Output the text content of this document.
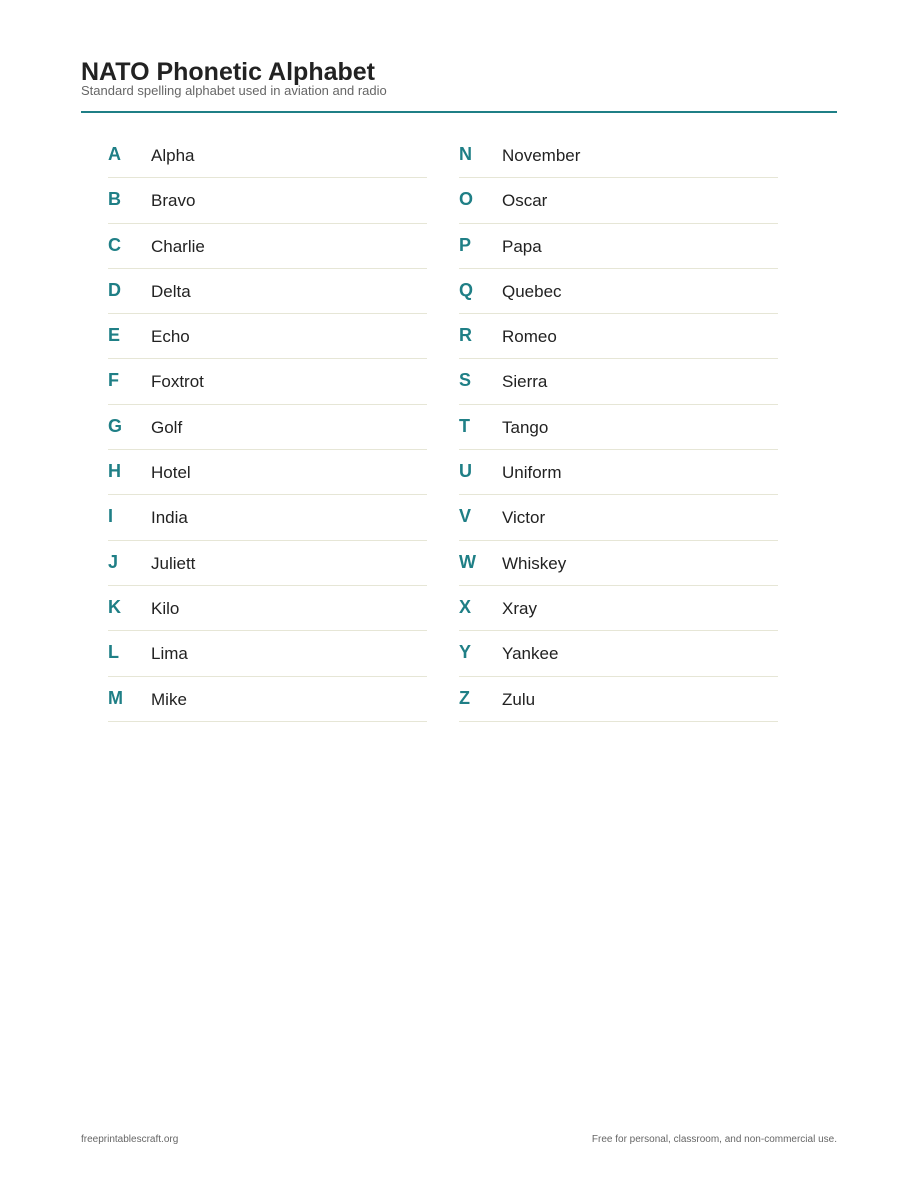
NATO Phonetic Alphabet
Standard spelling alphabet used in aviation and radio
A Alpha
B Bravo
C Charlie
D Delta
E Echo
F Foxtrot
G Golf
H Hotel
I India
J Juliett
K Kilo
L Lima
M Mike
N November
O Oscar
P Papa
Q Quebec
R Romeo
S Sierra
T Tango
U Uniform
V Victor
W Whiskey
X Xray
Y Yankee
Z Zulu
freeprintablescraft.org	Free for personal, classroom, and non-commercial use.
